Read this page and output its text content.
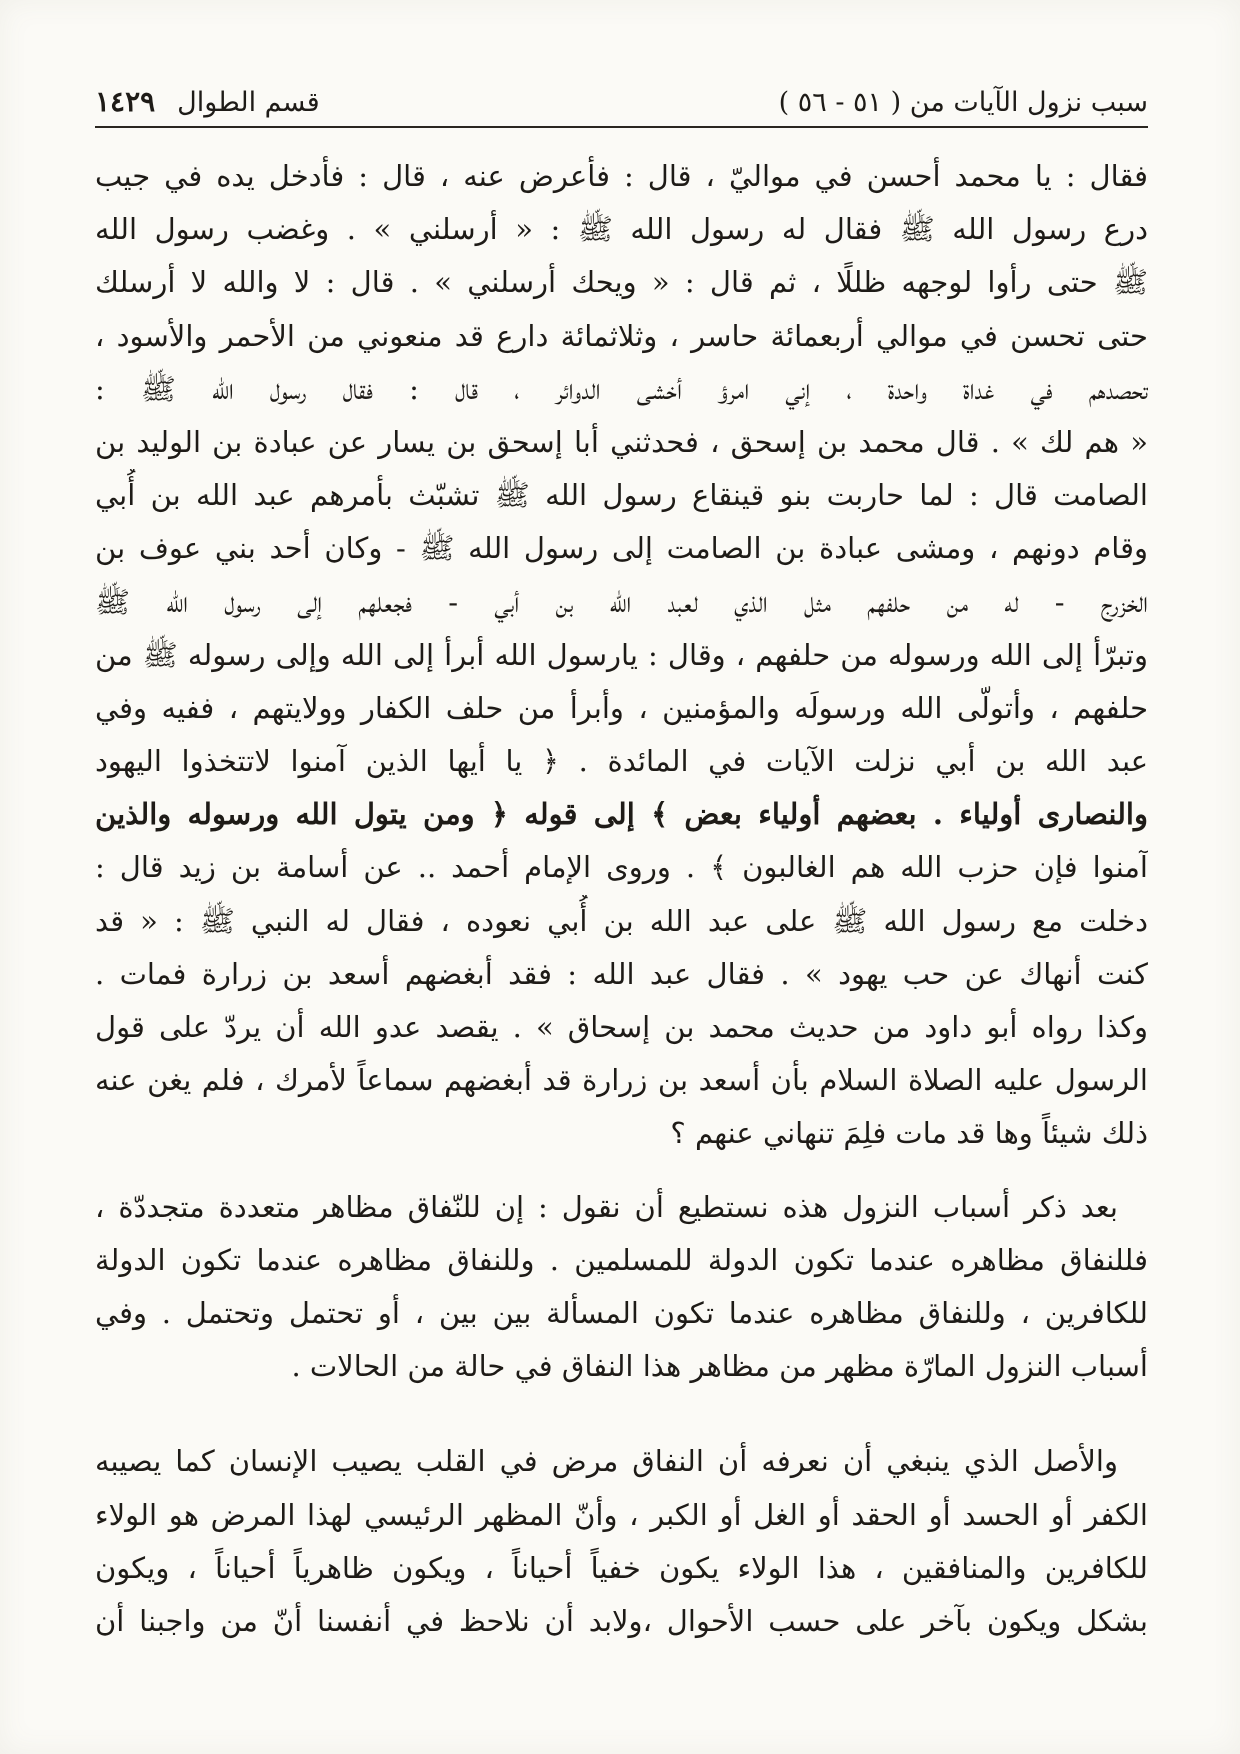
سبب نزول الآيات من ( ٥١ - ٥٦ )
قسم الطوال
١٤٢٩
فقال : يا محمد أحسن في مواليّ ، قال : فأعرض عنه ، قال : فأدخل يده في جيب
درع رسول الله ﷺ فقال له رسول الله ﷺ : « أرسلني » . وغضب رسول الله
ﷺ حتى رأوا لوجهه ظللًا ، ثم قال : « ويحك أرسلني » . قال : لا والله لا أرسلك
حتى تحسن في موالي أربعمائة حاسر ، وثلاثمائة دارع قد منعوني من الأحمر والأسود ،
تحصدهم في غداة واحدة ، إني امرؤ أخشى الدوائر ، قال : فقال رسول الله ﷺ :
« هم لك » . قال محمد بن إسحق ، فحدثني أبا إسحق بن يسار عن عبادة بن الوليد بن
الصامت قال : لما حاربت بنو قينقاع رسول الله ﷺ تشبّث بأمرهم عبد الله بن أُبي
وقام دونهم ، ومشى عبادة بن الصامت إلى رسول الله ﷺ - وكان أحد بني عوف بن
الخزرج - له من حلفهم مثل الذي لعبد الله بن أبي - فجعلهم إلى رسول الله ﷺ
وتبرّأ إلى الله ورسوله من حلفهم ، وقال : يارسول الله أبرأ إلى الله وإلى رسوله ﷺ من
حلفهم ، وأتولّى الله ورسولَه والمؤمنين ، وأبرأ من حلف الكفار وولايتهم ، ففيه وفي
عبد الله بن أبي نزلت الآيات في المائدة . ﴿ يا أيها الذين آمنوا لاتتخذوا اليهود
والنصارى أولياء . بعضهم أولياء بعض ﴾ إلى قوله ﴿ ومن يتول الله ورسوله والذين
آمنوا فإن حزب الله هم الغالبون ﴾ . وروى الإمام أحمد .. عن أسامة بن زيد قال :
دخلت مع رسول الله ﷺ على عبد الله بن أُبي نعوده ، فقال له النبي ﷺ : « قد
كنت أنهاك عن حب يهود » . فقال عبد الله : فقد أبغضهم أسعد بن زرارة فمات .
وكذا رواه أبو داود من حديث محمد بن إسحاق » . يقصد عدو الله أن يردّ على قول
الرسول عليه الصلاة السلام بأن أسعد بن زرارة قد أبغضهم سماعاً لأمرك ، فلم يغن عنه
ذلك شيئاً وها قد مات فلِمَ تنهاني عنهم ؟
بعد ذكر أسباب النزول هذه نستطيع أن نقول : إن للنّفاق مظاهر متعددة متجددّة ،
فللنفاق مظاهره عندما تكون الدولة للمسلمين . وللنفاق مظاهره عندما تكون الدولة
للكافرين ، وللنفاق مظاهره عندما تكون المسألة بين بين ، أو تحتمل وتحتمل . وفي
أسباب النزول المارّة مظهر من مظاهر هذا النفاق في حالة من الحالات .
والأصل الذي ينبغي أن نعرفه أن النفاق مرض في القلب يصيب الإنسان كما يصيبه
الكفر أو الحسد أو الحقد أو الغل أو الكبر ، وأنّ المظهر الرئيسي لهذا المرض هو الولاء
للكافرين والمنافقين ، هذا الولاء يكون خفياً أحياناً ، ويكون ظاهرياً أحياناً ، ويكون
بشكل ويكون بآخر على حسب الأحوال ،ولابد أن نلاحظ في أنفسنا أنّ من واجبنا أن
